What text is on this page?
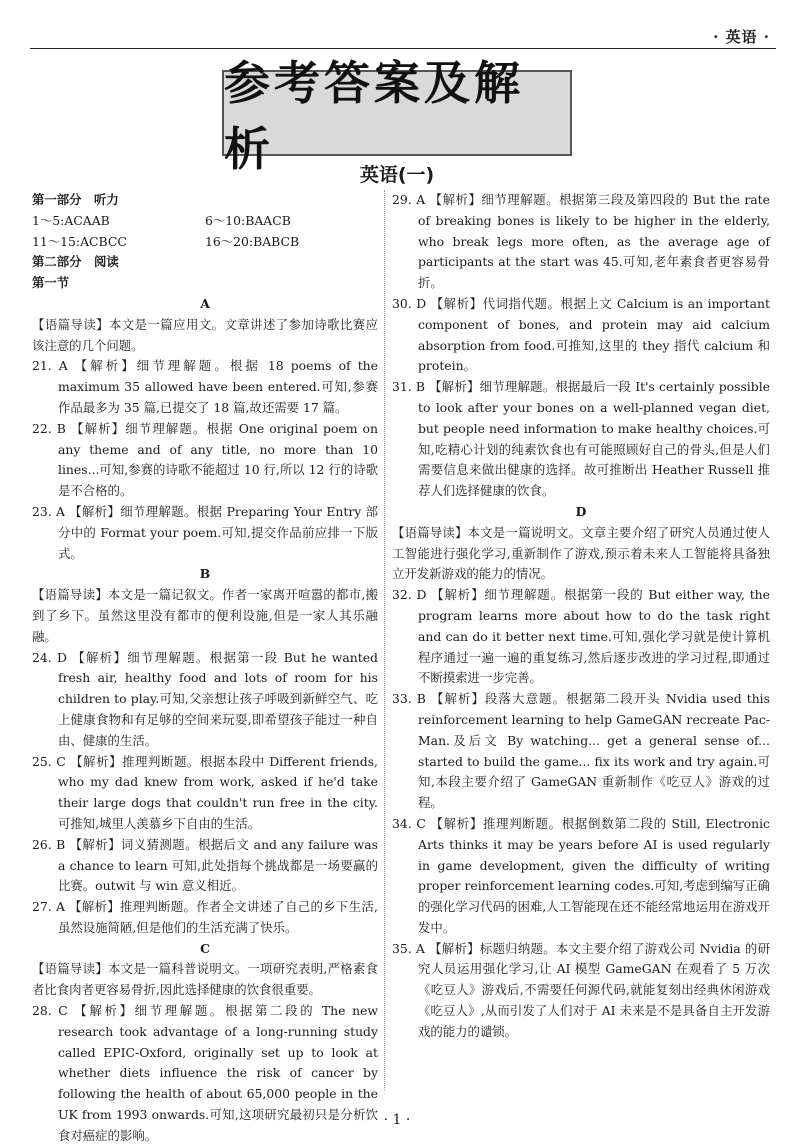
· 英语 ·
参考答案及解析	英语(一)

第一部分　听力

1～5:ACAAB	6～10:BAACB

11～15:ACBCC	16～20:BABCB

第二部分　阅读

第一节

A

【语篇导读】本文是一篇应用文。文章讲述了参加诗歌比赛应该注意的几个问题。

21. A 【解析】细节理解题。根据 18 poems of the maximum 35 allowed have been entered.可知,参赛作品最多为 35 篇,已提交了 18 篇,故还需要 17 篇。

22. B 【解析】细节理解题。根据 One original poem on any theme and of any title, no more than 10 lines...可知,参赛的诗歌不能超过 10 行,所以 12 行的诗歌是不合格的。

23. A 【解析】细节理解题。根据 Preparing Your Entry 部分中的 Format your poem.可知,提交作品前应排一下版式。

B

【语篇导读】本文是一篇记叙文。作者一家离开喧嚣的都市,搬到了乡下。虽然这里没有都市的便利设施,但是一家人其乐融融。

24. D 【解析】细节理解题。根据第一段 But he wanted fresh air, healthy food and lots of room for his children to play.可知,父亲想让孩子呼吸到新鲜空气、吃上健康食物和有足够的空间来玩耍,即希望孩子能过一种自由、健康的生活。

25. C 【解析】推理判断题。根据本段中 Different friends, who my dad knew from work, asked if he'd take their large dogs that couldn't run free in the city.可推知,城里人羡慕乡下自由的生活。

26. B 【解析】词义猜测题。根据后文 and any failure was a chance to learn 可知,此处指每个挑战都是一场要赢的比赛。outwit 与 win 意义相近。

27. A 【解析】推理判断题。作者全文讲述了自己的乡下生活,虽然设施简陋,但是他们的生活充满了快乐。

C

【语篇导读】本文是一篇科普说明文。一项研究表明,严格素食者比食肉者更容易骨折,因此选择健康的饮食很重要。

28. C 【解析】细节理解题。根据第二段的 The new research took advantage of a long-running study called EPIC-Oxford, originally set up to look at whether diets influence the risk of cancer by following the health of about 65,000 people in the UK from 1993 onwards.可知,这项研究最初只是分析饮食对癌症的影响。

29. A 【解析】细节理解题。根据第三段及第四段的 But the rate of breaking bones is likely to be higher in the elderly, who break legs more often, as the average age of participants at the start was 45.可知,老年素食者更容易骨折。

30. D 【解析】代词指代题。根据上文 Calcium is an important component of bones, and protein may aid calcium absorption from food.可推知,这里的 they 指代 calcium 和 protein。

31. B 【解析】细节理解题。根据最后一段 It's certainly possible to look after your bones on a well-planned vegan diet, but people need information to make healthy choices.可知,吃精心计划的纯素饮食也有可能照顾好自己的骨头,但是人们需要信息来做出健康的选择。故可推断出 Heather Russell 推荐人们选择健康的饮食。

D

【语篇导读】本文是一篇说明文。文章主要介绍了研究人员通过使人工智能进行强化学习,重新制作了游戏,预示着未来人工智能将具备独立开发新游戏的能力的情况。

32. D 【解析】细节理解题。根据第一段的 But either way, the program learns more about how to do the task right and can do it better next time.可知,强化学习就是使计算机程序通过一遍一遍的重复练习,然后逐步改进的学习过程,即通过不断摸索进一步完善。

33. B 【解析】段落大意题。根据第二段开头 Nvidia used this reinforcement learning to help GameGAN recreate Pac-Man.及后文 By watching... get a general sense of... started to build the game... fix its work and try again.可知,本段主要介绍了 GameGAN 重新制作《吃豆人》游戏的过程。

34. C 【解析】推理判断题。根据倒数第二段的 Still, Electronic Arts thinks it may be years before AI is used regularly in game development, given the difficulty of writing proper reinforcement learning codes.可知,考虑到编写正确的强化学习代码的困难,人工智能现在还不能经常地运用在游戏开发中。

35. A 【解析】标题归纳题。本文主要介绍了游戏公司 Nvidia 的研究人员运用强化学习,让 AI 模型 GameGAN 在观看了 5 万次《吃豆人》游戏后,不需要任何源代码,就能复刻出经典休闲游戏《吃豆人》,从而引发了人们对于 AI 未来是不是具备自主开发游戏的能力的谴锁。

· 1 ·
